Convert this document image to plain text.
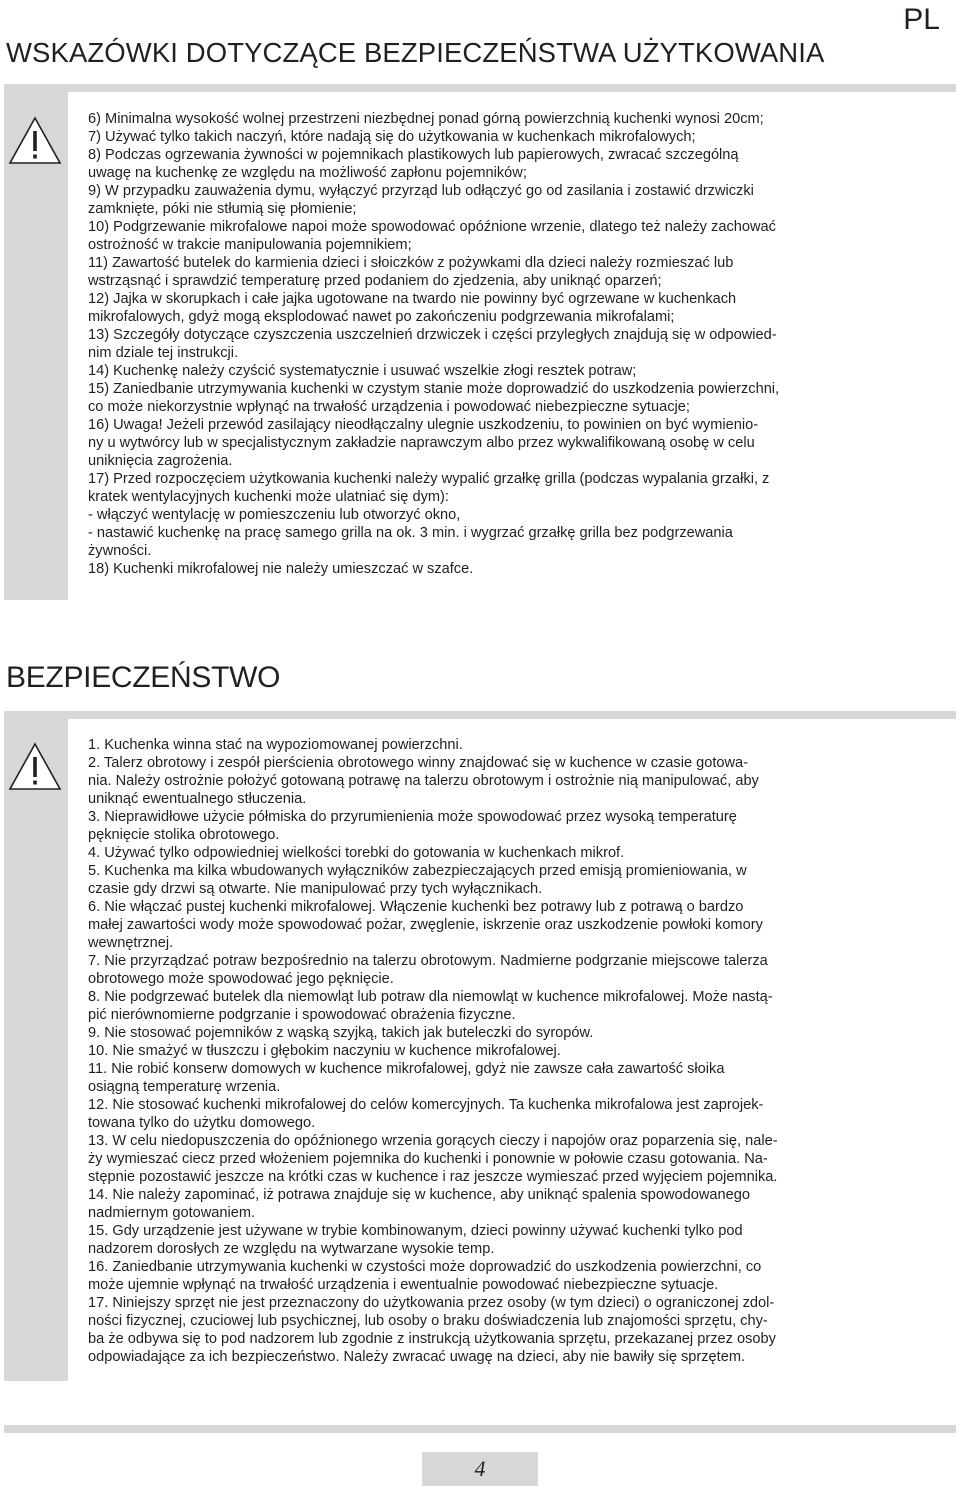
PL
WSKAZÓWKI DOTYCZĄCE BEZPIECZEŃSTWA UŻYTKOWANIA
6) Minimalna wysokość wolnej przestrzeni niezbędnej ponad górną powierzchnią kuchenki wynosi 20cm;
7) Używać tylko takich naczyń, które nadają się do użytkowania w kuchenkach mikrofalowych;
8) Podczas ogrzewania żywności w pojemnikach plastikowych lub papierowych, zwracać szczególną
uwagę na kuchenkę ze względu na możliwość zapłonu pojemników;
9) W przypadku zauważenia dymu, wyłączyć przyrząd lub odłączyć go od zasilania i zostawić drzwiczki
zamknięte, póki nie stłumią się płomienie;
10) Podgrzewanie mikrofalowe napoi może spowodować opóźnione wrzenie, dlatego też należy zachować
ostrożność w trakcie manipulowania pojemnikiem;
11) Zawartość butelek do karmienia dzieci i słoiczków z pożywkami dla dzieci należy rozmieszać lub
wstrząsnąć i sprawdzić temperaturę przed podaniem do zjedzenia, aby uniknąć oparzeń;
12) Jajka w skorupkach i całe jajka ugotowane na twardo nie powinny być ogrzewane w kuchenkach
mikrofalowych, gdyż mogą eksplodować nawet po zakończeniu podgrzewania mikrofalami;
13) Szczegóły dotyczące czyszczenia uszczelnień drzwiczek i części przyległych znajdują się w odpowied-
nim dziale tej instrukcji.
14) Kuchenkę należy czyścić systematycznie i usuwać wszelkie złogi resztek potraw;
15) Zaniedbanie utrzymywania kuchenki w czystym stanie może doprowadzić do uszkodzenia powierzchni,
co może niekorzystnie wpłynąć na trwałość urządzenia i powodować niebezpieczne sytuacje;
16) Uwaga! Jeżeli przewód zasilający nieodłączalny ulegnie uszkodzeniu, to powinien on być wymienio-
ny u wytwórcy lub w specjalistycznym zakładzie naprawczym albo przez wykwalifikowaną osobę w celu
uniknięcia zagrożenia.
17) Przed rozpoczęciem użytkowania kuchenki należy wypalić grzałkę grilla (podczas wypalania grzałki, z
kratek wentylacyjnych kuchenki może ulatniać się dym):
- włączyć wentylację w pomieszczeniu lub otworzyć okno,
- nastawić kuchenkę na pracę samego grilla na ok. 3 min. i wygrzać grzałkę grilla bez podgrzewania
żywności.
18) Kuchenki mikrofalowej nie należy umieszczać w szafce.
BEZPIECZEŃSTWO
1. Kuchenka winna stać na wypoziomowanej powierzchni.
2. Talerz obrotowy i zespół pierścienia obrotowego winny znajdować się w kuchence w czasie gotowa-
nia. Należy ostrożnie położyć gotowaną potrawę na talerzu obrotowym i ostrożnie nią manipulować, aby
uniknąć ewentualnego stłuczenia.
3. Nieprawidłowe użycie półmiska do przyrumienienia może spowodować przez wysoką temperaturę
pęknięcie stolika obrotowego.
4. Używać tylko odpowiedniej wielkości torebki do gotowania w kuchenkach mikrof.
5. Kuchenka ma kilka wbudowanych wyłączników zabezpieczających przed emisją promieniowania, w
czasie gdy drzwi są otwarte. Nie manipulować przy tych wyłącznikach.
6. Nie włączać pustej kuchenki mikrofalowej. Włączenie kuchenki bez potrawy lub z potrawą o bardzo
małej zawartości wody może spowodować pożar, zwęglenie, iskrzenie oraz uszkodzenie powłoki komory
wewnętrznej.
7. Nie przyrządzać potraw bezpośrednio na talerzu obrotowym. Nadmierne podgrzanie miejscowe talerza
obrotowego może spowodować jego pęknięcie.
8. Nie podgrzewać butelek dla niemowląt lub potraw dla niemowląt w kuchence mikrofalowej. Może nastą-
pić nierównomierne podgrzanie i spowodować obrażenia fizyczne.
9. Nie stosować pojemników z wąską szyjką, takich jak buteleczki do syropów.
10. Nie smażyć w tłuszczu i głębokim naczyniu w kuchence mikrofalowej.
11. Nie robić konserw domowych w kuchence mikrofalowej, gdyż nie zawsze cała zawartość słoika
osiągną temperaturę wrzenia.
12. Nie stosować kuchenki mikrofalowej do celów komercyjnych. Ta kuchenka mikrofalowa jest zaprojek-
towana tylko do użytku domowego.
13. W celu niedopuszczenia do opóźnionego wrzenia gorących cieczy i napojów oraz poparzenia się, nale-
ży wymieszać ciecz przed włożeniem pojemnika do kuchenki i ponownie w połowie czasu gotowania. Na-
stępnie pozostawić jeszcze na krótki czas w kuchence i raz jeszcze wymieszać przed wyjęciem pojemnika.
14. Nie należy zapominać, iż potrawa znajduje się w kuchence, aby uniknąć spalenia spowodowanego
nadmiernym gotowaniem.
15. Gdy urządzenie jest używane w trybie kombinowanym, dzieci powinny używać kuchenki tylko pod
nadzorem dorosłych ze względu na wytwarzane wysokie temp.
16. Zaniedbanie utrzymywania kuchenki w czystości może doprowadzić do uszkodzenia powierzchni, co
może ujemnie wpłynąć na trwałość urządzenia i ewentualnie powodować niebezpieczne sytuacje.
17. Niniejszy sprzęt nie jest przeznaczony do użytkowania przez osoby (w tym dzieci) o ograniczonej zdol-
ności fizycznej, czuciowej lub psychicznej, lub osoby o braku doświadczenia lub znajomości sprzętu, chy-
ba że odbywa się to pod nadzorem lub zgodnie z instrukcją użytkowania sprzętu, przekazanej przez osoby
odpowiadające za ich bezpieczeństwo. Należy zwracać uwagę na dzieci, aby nie bawiły się sprzętem.
4
